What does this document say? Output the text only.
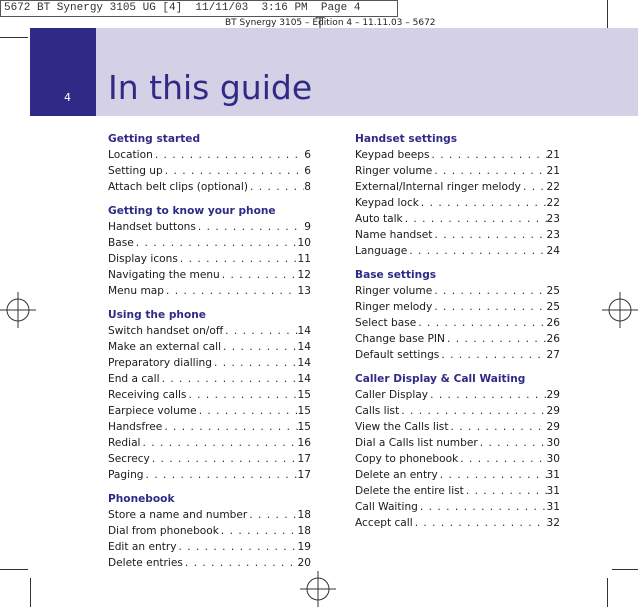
5672 BT Synergy 3105 UG [4]  11/11/03  3:16 PM  Page 4
BT Synergy 3105 – Edition 4 – 11.11.03 – 5672
4 In this guide
Getting started
Location . . .	6
Setting up . . .	6
Attach belt clips (optional) . . .	8
Getting to know your phone
Handset buttons . . .	9
Base . . .	10
Display icons . . .	11
Navigating the menu . . .	12
Menu map . . .	13
Using the phone
Switch handset on/off . . .	14
Make an external call . . .	14
Preparatory dialling . . .	14
End a call . . .	14
Receiving calls . . .	15
Earpiece volume . . .	15
Handsfree . . .	15
Redial . . .	16
Secrecy . . .	17
Paging . . .	17
Phonebook
Store a name and number . . .	18
Dial from phonebook . . .	18
Edit an entry . . .	19
Delete entries . . .	20
Handset settings
Keypad beeps . . .	21
Ringer volume . . .	21
External/Internal ringer melody . . . 22
Keypad lock . . .	22
Auto talk . . .	23
Name handset . . .	23
Language . . .	24
Base settings
Ringer volume . . .	25
Ringer melody . . .	25
Select base . . .	26
Change base PIN . . .	26
Default settings . . .	27
Caller Display & Call Waiting
Caller Display . . .	29
Calls list . . .	29
View the Calls list . . .	29
Dial a Calls list number . . .	30
Copy to phonebook . . .	30
Delete an entry . . .	31
Delete the entire list . . .	31
Call Waiting . . .	31
Accept call . . .	32
